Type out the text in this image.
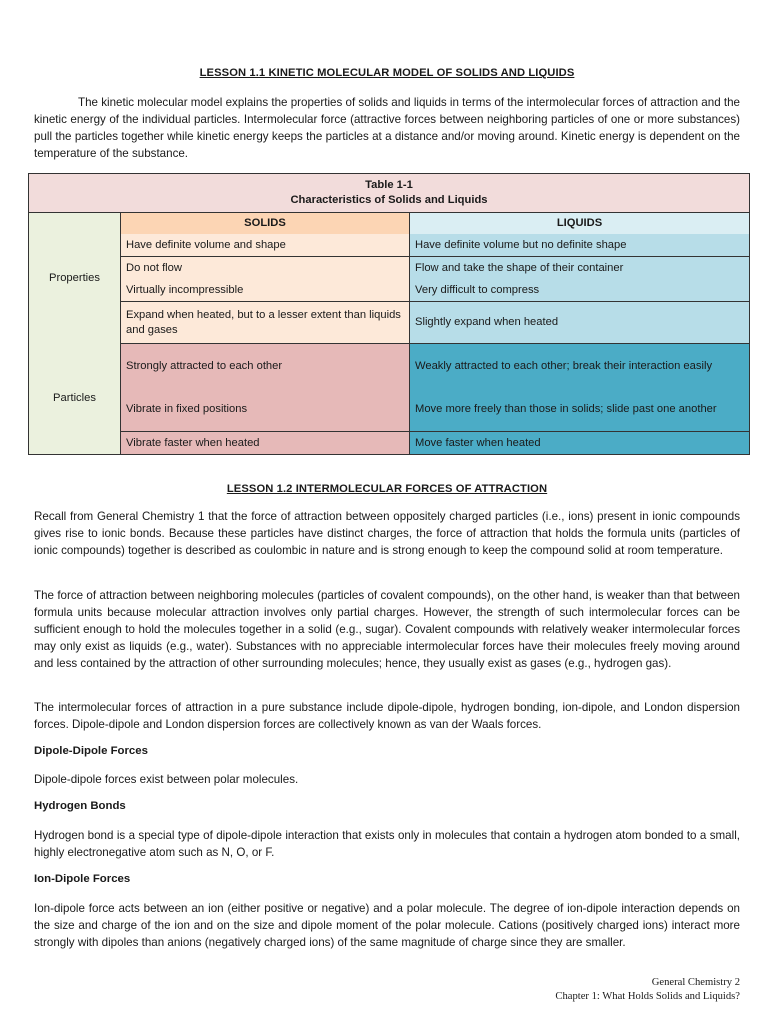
LESSON 1.1 KINETIC MOLECULAR MODEL OF SOLIDS AND LIQUIDS
The kinetic molecular model explains the properties of solids and liquids in terms of the intermolecular forces of attraction and the kinetic energy of the individual particles. Intermolecular force (attractive forces between neighboring particles of one or more substances) pull the particles together while kinetic energy keeps the particles at a distance and/or moving around. Kinetic energy is dependent on the temperature of the substance.
Table 1-1
Characteristics of Solids and Liquids
Properties
Particles
SOLIDS	LIQUIDS
Have definite volume and shape
Do not flow
Virtually incompressible
Expand when heated, but to a lesser extent than liquids and gases
Strongly attracted to each other
Vibrate in fixed positions
Vibrate faster when heated
Have definite volume but no definite shape
Flow and take the shape of their container
Very difficult to compress
Slightly expand when heated
Weakly attracted to each other; break their interaction easily
Move more freely than those in solids; slide past one another
Move faster when heated
LESSON 1.2 INTERMOLECULAR FORCES OF ATTRACTION
Recall from General Chemistry 1 that the force of attraction between oppositely charged particles (i.e., ions) present in ionic compounds gives rise to ionic bonds. Because these particles have distinct charges, the force of attraction that holds the formula units (particles of ionic compounds) together is described as coulombic in nature and is strong enough to keep the compound solid at room temperature.
The force of attraction between neighboring molecules (particles of covalent compounds), on the other hand, is weaker than that between formula units because molecular attraction involves only partial charges. However, the strength of such intermolecular forces can be sufficient enough to hold the molecules together in a solid (e.g., sugar). Covalent compounds with relatively weaker intermolecular forces may only exist as liquids (e.g., water). Substances with no appreciable intermolecular forces have their molecules freely moving around and less contained by the attraction of other surrounding molecules; hence, they usually exist as gases (e.g., hydrogen gas).
The intermolecular forces of attraction in a pure substance include dipole-dipole, hydrogen bonding, ion-dipole, and London dispersion forces. Dipole-dipole and London dispersion forces are collectively known as van der Waals forces.
Dipole-Dipole Forces
Dipole-dipole forces exist between polar molecules.
Hydrogen Bonds
Hydrogen bond is a special type of dipole-dipole interaction that exists only in molecules that contain a hydrogen atom bonded to a small, highly electronegative atom such as N, O, or F.
Ion-Dipole Forces
Ion-dipole force acts between an ion (either positive or negative) and a polar molecule. The degree of ion-dipole interaction depends on the size and charge of the ion and on the size and dipole moment of the polar molecule. Cations (positively charged ions) interact more strongly with dipoles than anions (negatively charged ions) of the same magnitude of charge since they are smaller.
General Chemistry 2
Chapter 1: What Holds Solids and Liquids?
